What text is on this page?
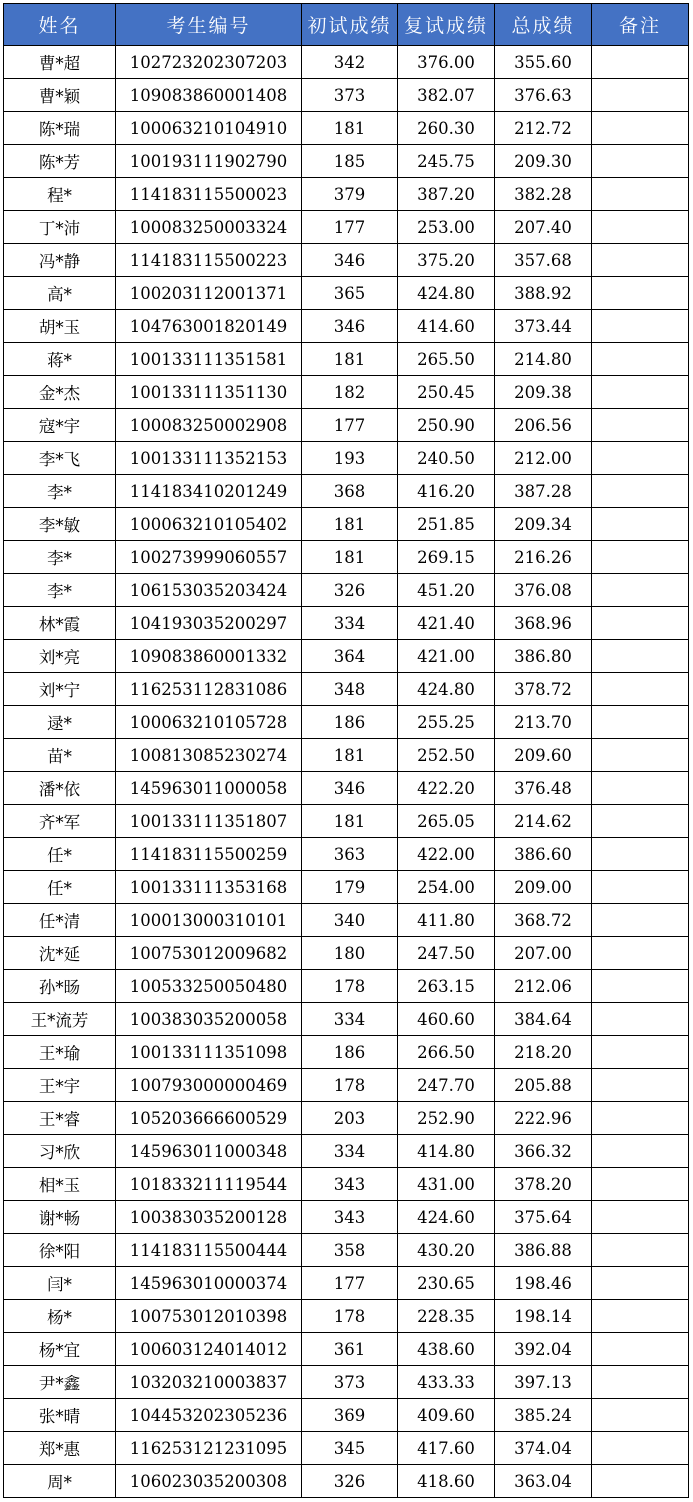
姓名	考生编号	初试成绩	复试成绩	总成绩	备注
曹*超	102723202307203	342	376.00	355.60	
曹*颖	109083860001408	373	382.07	376.63	
陈*瑞	100063210104910	181	260.30	212.72	
陈*芳	100193111902790	185	245.75	209.30	
程*	114183115500023	379	387.20	382.28	
丁*沛	100083250003324	177	253.00	207.40	
冯*静	114183115500223	346	375.20	357.68	
高*	100203112001371	365	424.80	388.92	
胡*玉	104763001820149	346	414.60	373.44	
蒋*	100133111351581	181	265.50	214.80	
金*杰	100133111351130	182	250.45	209.38	
寇*宇	100083250002908	177	250.90	206.56	
李*飞	100133111352153	193	240.50	212.00	
李*	114183410201249	368	416.20	387.28	
李*敏	100063210105402	181	251.85	209.34	
李*	100273999060557	181	269.15	216.26	
李*	106153035203424	326	451.20	376.08	
林*霞	104193035200297	334	421.40	368.96	
刘*亮	109083860001332	364	421.00	386.80	
刘*宁	116253112831086	348	424.80	378.72	
逯*	100063210105728	186	255.25	213.70	
苗*	100813085230274	181	252.50	209.60	
潘*依	145963011000058	346	422.20	376.48	
齐*军	100133111351807	181	265.05	214.62	
任*	114183115500259	363	422.00	386.60	
任*	100133111353168	179	254.00	209.00	
任*清	100013000310101	340	411.80	368.72	
沈*延	100753012009682	180	247.50	207.00	
孙*旸	100533250050480	178	263.15	212.06	
王*流芳	100383035200058	334	460.60	384.64	
王*瑜	100133111351098	186	266.50	218.20	
王*宇	100793000000469	178	247.70	205.88	
王*睿	105203666600529	203	252.90	222.96	
习*欣	145963011000348	334	414.80	366.32	
相*玉	101833211119544	343	431.00	378.20	
谢*畅	100383035200128	343	424.60	375.64	
徐*阳	114183115500444	358	430.20	386.88	
闫*	145963010000374	177	230.65	198.46	
杨*	100753012010398	178	228.35	198.14	
杨*宜	100603124014012	361	438.60	392.04	
尹*鑫	103203210003837	373	433.33	397.13	
张*晴	104453202305236	369	409.60	385.24	
郑*惠	116253121231095	345	417.60	374.04	
周*	106023035200308	326	418.60	363.04	
